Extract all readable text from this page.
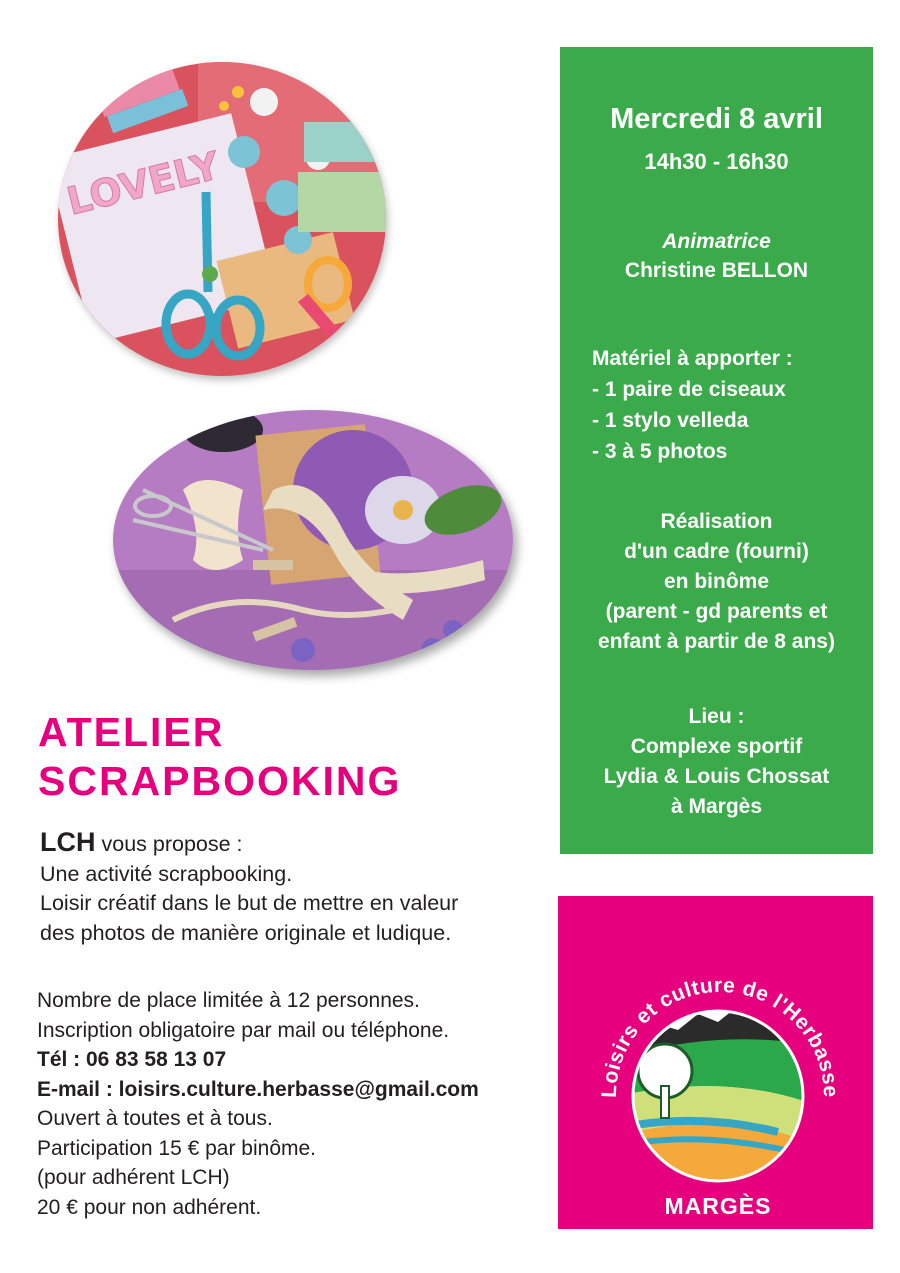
LOVELY
ATELIER
SCRAPBOOKING
LCH vous propose :
Une activité scrapbooking.
Loisir créatif dans le but de mettre en valeur
des photos de manière originale et ludique.
Nombre de place limitée à 12 personnes.
Inscription obligatoire par mail ou téléphone.
Tél : 06 83 58 13 07
E-mail : loisirs.culture.herbasse@gmail.com
Ouvert à toutes et à tous.
Participation 15 € par binôme.
(pour adhérent LCH)
20 € pour non adhérent.
Mercredi 8 avril
14h30 - 16h30
Animatrice
Christine BELLON
Matériel à apporter :
- 1 paire de ciseaux
- 1 stylo velleda
- 3 à 5 photos
Réalisation
d'un cadre (fourni)
en binôme
(parent - gd parents et
enfant à partir de 8 ans)
Lieu :
Complexe sportif
Lydia & Louis Chossat
à Margès
Loisirs et culture de l'Herbasse
MARGÈS
